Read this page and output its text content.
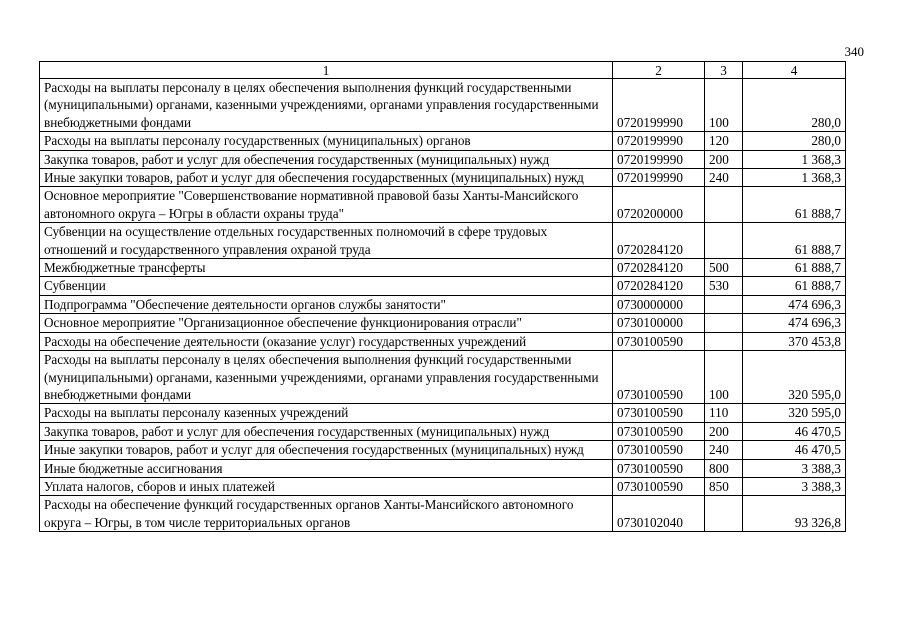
340
1	2	3	4
Расходы на выплаты персоналу в целях обеспечения выполнения функций государственными (муниципальными) органами, казенными учреждениями, органами управления государственными внебюджетными фондами	0720199990	100	280,0
Расходы на выплаты персоналу государственных (муниципальных) органов	0720199990	120	280,0
Закупка товаров, работ и услуг для обеспечения государственных (муниципальных) нужд	0720199990	200	1 368,3
Иные закупки товаров, работ и услуг для обеспечения государственных (муниципальных) нужд	0720199990	240	1 368,3
Основное мероприятие "Совершенствование нормативной правовой базы Ханты-Мансийского автономного округа – Югры в области охраны труда"	0720200000		61 888,7
Субвенции на осуществление отдельных государственных полномочий в сфере трудовых отношений и государственного управления охраной труда	0720284120		61 888,7
Межбюджетные трансферты	0720284120	500	61 888,7
Субвенции	0720284120	530	61 888,7
Подпрограмма "Обеспечение деятельности органов службы занятости"	0730000000		474 696,3
Основное мероприятие "Организационное обеспечение функционирования отрасли"	0730100000		474 696,3
Расходы на обеспечение деятельности (оказание услуг) государственных учреждений	0730100590		370 453,8
Расходы на выплаты персоналу в целях обеспечения выполнения функций государственными (муниципальными) органами, казенными учреждениями, органами управления государственными внебюджетными фондами	0730100590	100	320 595,0
Расходы на выплаты персоналу казенных учреждений	0730100590	110	320 595,0
Закупка товаров, работ и услуг для обеспечения государственных (муниципальных) нужд	0730100590	200	46 470,5
Иные закупки товаров, работ и услуг для обеспечения государственных (муниципальных) нужд	0730100590	240	46 470,5
Иные бюджетные ассигнования	0730100590	800	3 388,3
Уплата налогов, сборов и иных платежей	0730100590	850	3 388,3
Расходы на обеспечение функций государственных органов Ханты-Мансийского автономного округа – Югры, в том числе территориальных органов	0730102040		93 326,8
